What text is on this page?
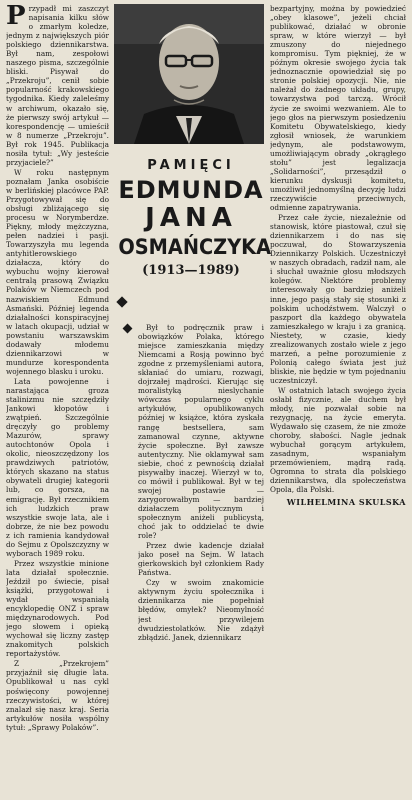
Przypadł mi zaszczyt napisania kilku słów o zmarłym koledze, jednym z największych piór polskiego dziennikarstwa. Był nam, zespołowi naszego pisma, szczególnie bliski. Pisywał do „Przekroju”, cenił sobie popularność krakowskiego tygodnika. Kiedy zaleleśmy w archiwum, okazało się, że pierwszy swój artykuł — korespondencję — umieścił w 8 numerze „Przekroju”. Był rok 1945. Publikacja nosiła tytuł: „Wy jesteście przyjaciele?”

W roku następnym poznałam Janka osobiście w berlińskiej placówce PAP. Przygotowywał się do obsługi zbliżającego się procesu w Norymberdze. Piękny, młody mężczyzna, pełen nadziei i pasji. Towarzyszyła mu legenda antyhitlerowskiego działacza, który do wybuchu wojny kierował centralą prasową Związku Polaków w Niemczech pod nazwiskiem Edmund Asmański. Później legenda działalności konspiracyjnej w latach okupacji, udział w powstaniu warszawskim dodawały młodemu dziennikarzowi w mundurze korespondenta wojennego blasku i uroku.

Lata powojenne i narastająca groza stalinizmu nie szczędziły Jankowi kłopotów i zwątpień. Szczególnie dręczyły go problemy Mazurów, sprawy autochtonów Opola i okolic, nieoszczędzony los prawdziwych patriotów, których skazano na status obywateli drugiej kategorii lub, co gorsza, na emigrację. Był rzecznikiem ich ludzkich praw wszystkie swoje lata, ale i dobrze, że nie bez powodu z ich ramienia kandydował do Sejmu z Opolszczyzny w wyborach 1989 roku.

Przez wszystkie minione lata działał społecznie. Jeździł po świecie, pisał książki, przygotował i wydał wspaniałą encyklopedię ONZ i spraw międzynarodowych. Pod jego słowem i opieką wychował się liczny zastęp znakomitych polskich reportażystów.

Z „Przekrojem” przyjaźnił się długie lata. Opublikował u nas cykl poświęcony powojennej rzeczywistości, w której znalazł się nasz kraj. Seria artykułów nosiła wspólny tytuł: „Sprawy Polaków”.

PAMIĘCI
EDMUNDA
JANA
OSMAŃCZYKA
(1913—1989)

Był to podręcznik praw i obowiązków Polaka, którego miejsce zamieszkania między Niemcami a Rosją powinno być zgodne z przemyśleniami autora, skłaniać do umiaru, rozwagi, dojrzałej mądrości. Kierując się moralistyką nieslychanie wówczas popularnego cyklu artykułów, opublikowanych później w książce, która zyskała rangę bestsellera, sam zamanowal czynne, aktywne życie społeczne. Był zawsze autentyczny. Nie oklamywał sam siebie, choć z pewnością działał pisywałby inaczej. Wierzył w to, co mówił i publikował. Był w tej swojej postawie — zarygorowałbym — bardziej działaczem politycznym i społecznym aniżeli publicystą, choć jak to oddzielać te dwie role?

Przez dwie kadencje działał jako poseł na Sejm. W latach gierkowskich był członkiem Rady Państwa.

Czy w swoim znakomicie aktywnym życiu społecznika i dziennikarza nie popełniał błędów, omyłek? Nieomylność jest przywilejem dwudziestolatków. Nie zdążył zbłądzić. Janek, dziennikarz

bezpartyjny, można by powiedzieć „obey klasowe”, jeżeli chciał publikować, działać w obronie spraw, w które wierzył — był zmuszony do niejednego kompromisu. Tym piękniej, że w późnym okresie swojego życia tak jednoznacznie opowiedział się po stronie polskiej opozycji. Nie, nie należał do żadnego układu, grupy, towarzystwa pod tarczą. Wrócił życie ze swoimi wezwaniem. Ale to jego głos na pierwszym posiedzeniu Komitetu Obywatelskiego, kiedy zgłosił wniosek, że warunkiem jedynym, ale podstawowym, umożliwiającym obrady „okrągłego stołu” jest legalizacja „Solidarności”, przesądził o kierunku dyskusji komitetu, umożliwił jednomyślną decyzję ludzi rzeczywiście przeciwnych, odmienne zapatrywania.

Przez całe życie, niezależnie od stanowisk, które piastował, czuł się dziennikarzem i do nas się poczuwał, do Stowarzyszenia Dziennikarzy Polskich. Uczestniczył w naszych obradach, radził nam, ale i słuchał uważnie głosu młodszych kolegów. Niektóre problemy interesowały go bardziej aniżeli inne, jego pasją stały się stosunki z polskim uchodźstwem. Walczył o paszport dla każdego obywatela zamieszkałego w kraju i za granicą. Niestety, w czasie, kiedy zrealizowanych zostało wiele z jego marzeń, a pełne porozumienie z Polonią całego świata jest już bliskie, nie będzie w tym pojednaniu uczestniczył.

W ostatnich latach swojego życia osłabł fizycznie, ale duchem był młody, nie pozwalał sobie na rezygnację, na życie emeryta. Wydawało się czasem, że nie zmoże choroby, słabości. Nagle jednak wybuchał gorącym artykułem, zasadnym, wspaniałym przemówieniem, mądrą radą. Ogromna to strata dla polskiego dziennikarstwa, dla społeczeństwa Opola, dla Polski.

WILHELMINA SKULSKA
